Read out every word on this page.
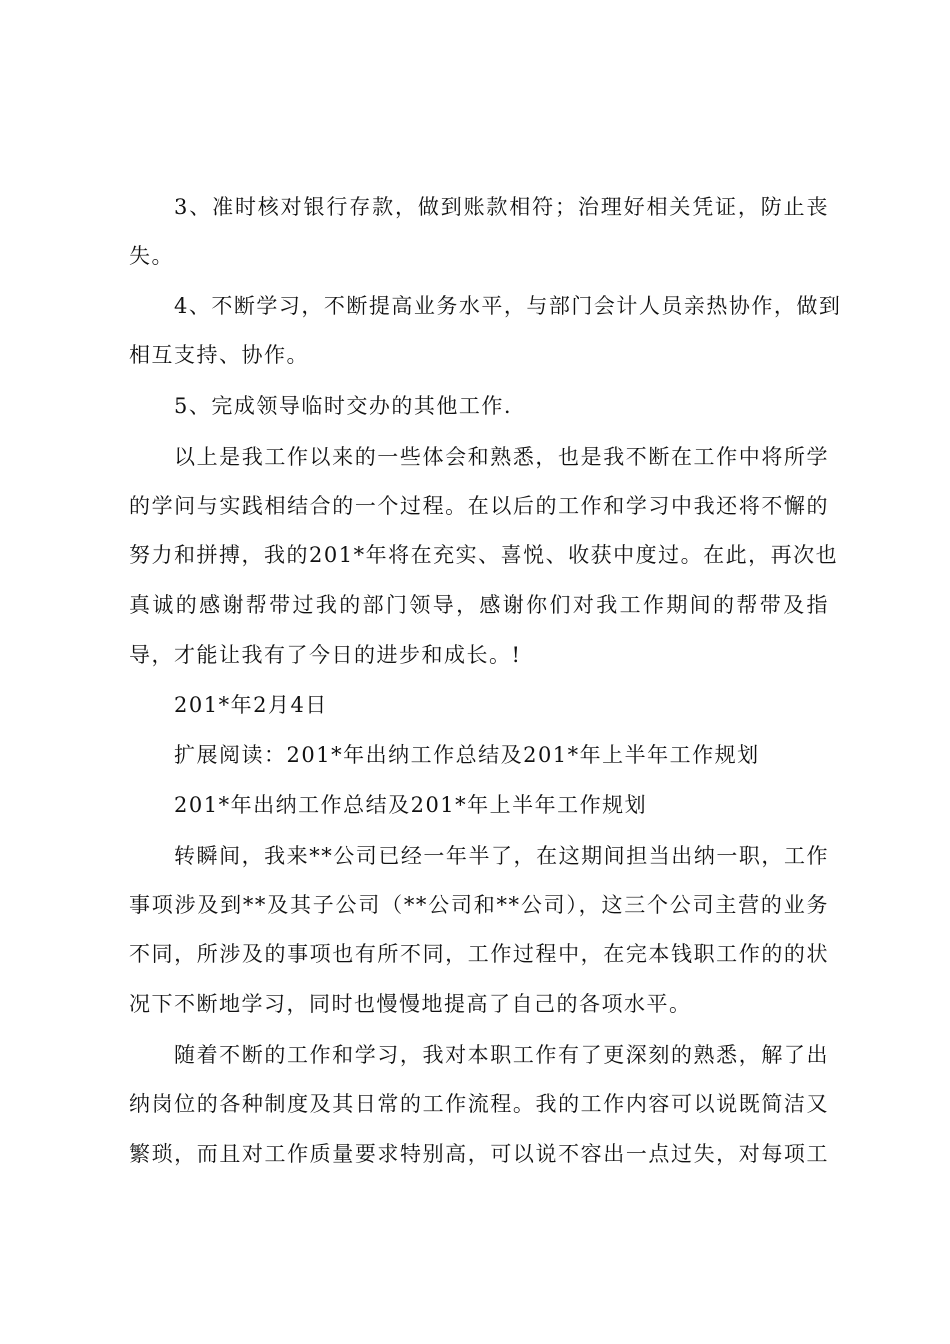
3、准时核对银行存款，做到账款相符；治理好相关凭证，防止丧
失。
4、不断学习，不断提高业务水平，与部门会计人员亲热协作，做到
相互支持、协作。
5、完成领导临时交办的其他工作.
以上是我工作以来的一些体会和熟悉，也是我不断在工作中将所学
的学问与实践相结合的一个过程。在以后的工作和学习中我还将不懈的
努力和拼搏，我的201*年将在充实、喜悦、收获中度过。在此，再次也
真诚的感谢帮带过我的部门领导，感谢你们对我工作期间的帮带及指
导，才能让我有了今日的进步和成长。!
201*年2月4日
扩展阅读：201*年出纳工作总结及201*年上半年工作规划
201*年出纳工作总结及201*年上半年工作规划
转瞬间，我来**公司已经一年半了，在这期间担当出纳一职，工作
事项涉及到**及其子公司（**公司和**公司），这三个公司主营的业务
不同，所涉及的事项也有所不同，工作过程中，在完本钱职工作的的状
况下不断地学习，同时也慢慢地提高了自己的各项水平。
随着不断的工作和学习，我对本职工作有了更深刻的熟悉，解了出
纳岗位的各种制度及其日常的工作流程。我的工作内容可以说既简洁又
繁琐，而且对工作质量要求特别高，可以说不容出一点过失，对每项工
